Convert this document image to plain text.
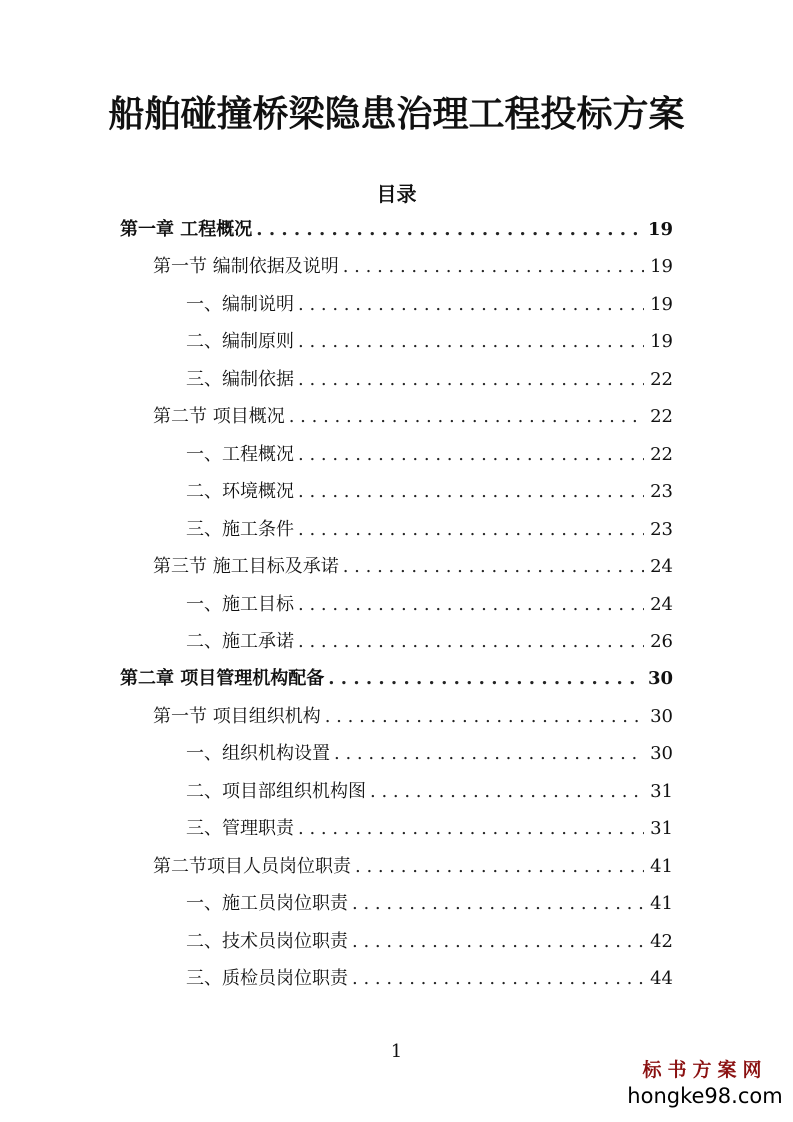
船舶碰撞桥梁隐患治理工程投标方案
目录
第一章 工程概况 . . .	19
第一节 编制依据及说明 . . .	19
一、编制说明 . . .	19
二、编制原则 . . .	19
三、编制依据 . . .	22
第二节 项目概况 . . .	22
一、工程概况 . . .	22
二、环境概况 . . .	23
三、施工条件 . . .	23
第三节 施工目标及承诺 . . .	24
一、施工目标 . . .	24
二、施工承诺 . . .	26
第二章 项目管理机构配备 . . .	30
第一节 项目组织机构 . . .	30
一、组织机构设置 . . .	30
二、项目部组织机构图 . . .	31
三、管理职责 . . .	31
第二节项目人员岗位职责 . . .	41
一、施工员岗位职责 . . .	41
二、技术员岗位职责 . . .	42
三、质检员岗位职责 . . .	44
1
标书方案网
hongke98.com
